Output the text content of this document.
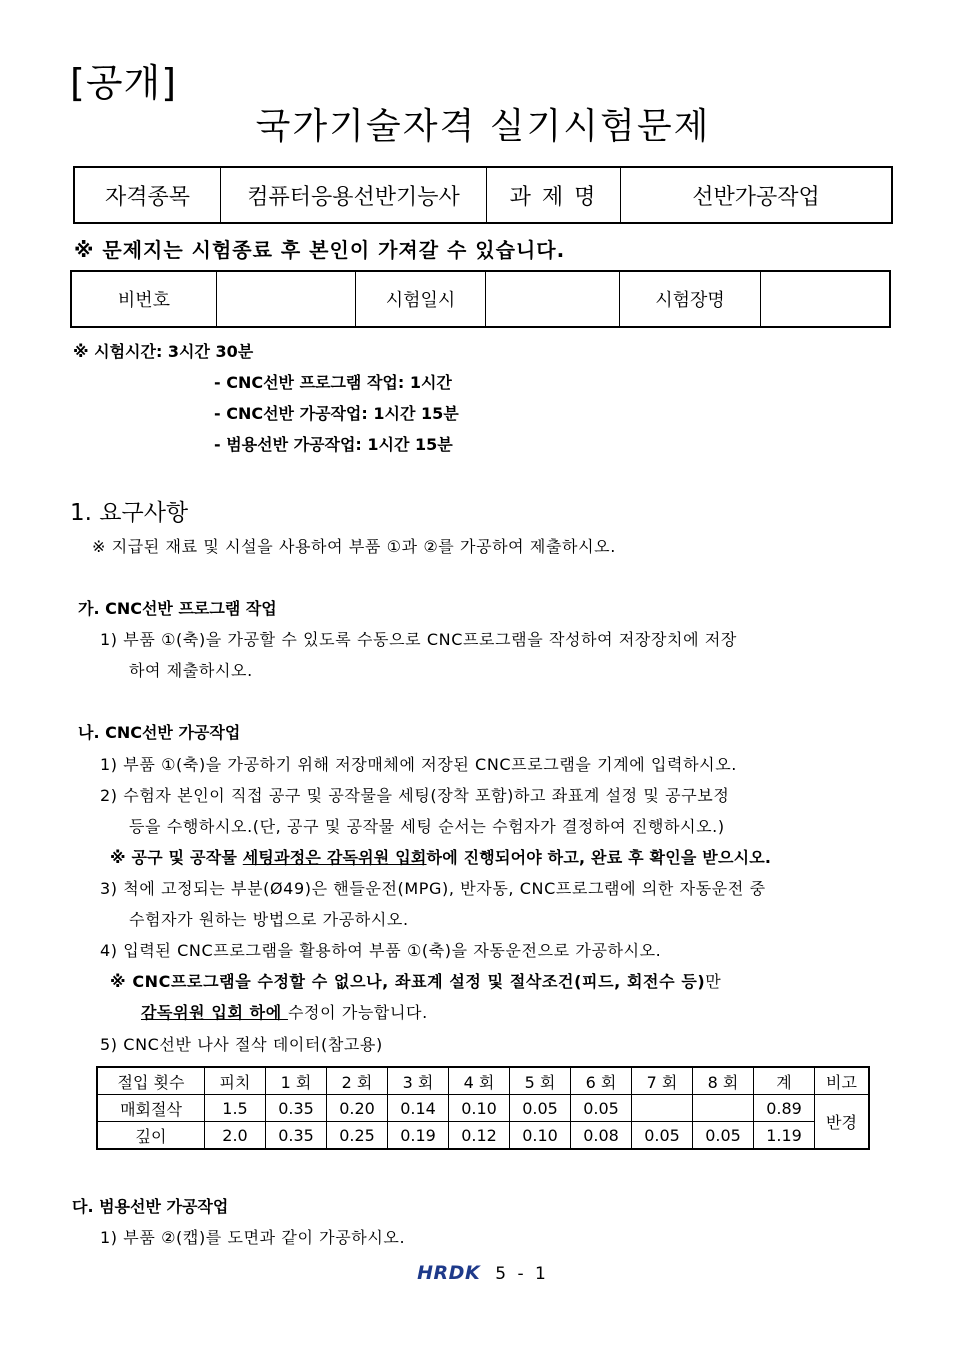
[공개]
국가기술자격 실기시험문제
자격종목	컴퓨터응용선반기능사	과 제 명	선반가공작업
※ 문제지는 시험종료 후 본인이 가져갈 수 있습니다.
비번호		시험일시		시험장명	
※ 시험시간: 3시간 30분
- CNC선반 프로그램 작업: 1시간
- CNC선반 가공작업: 1시간 15분
- 범용선반 가공작업: 1시간 15분
1. 요구사항
※ 지급된 재료 및 시설을 사용하여 부품 ①과 ②를 가공하여 제출하시오.
가. CNC선반 프로그램 작업
1) 부품 ①(축)을 가공할 수 있도록 수동으로 CNC프로그램을 작성하여 저장장치에 저장
하여 제출하시오.
나. CNC선반 가공작업
1) 부품 ①(축)을 가공하기 위해 저장매체에 저장된 CNC프로그램을 기계에 입력하시오.
2) 수험자 본인이 직접 공구 및 공작물을 세팅(장착 포함)하고 좌표계 설정 및 공구보정
등을 수행하시오.(단, 공구 및 공작물 세팅 순서는 수험자가 결정하여 진행하시오.)
※ 공구 및 공작물 세팅과정은 감독위원 입회하에 진행되어야 하고, 완료 후 확인을 받으시오.
3) 척에 고정되는 부분(Ø49)은 핸들운전(MPG), 반자동, CNC프로그램에 의한 자동운전 중
수험자가 원하는 방법으로 가공하시오.
4) 입력된 CNC프로그램을 활용하여 부품 ①(축)을 자동운전으로 가공하시오.
※ CNC프로그램을 수정할 수 없으나, 좌표계 설정 및 절삭조건(피드, 회전수 등)만
감독위원 입회 하에 수정이 가능합니다.
5) CNC선반 나사 절삭 데이터(참고용)
절입 횟수	피치	1 회	2 회	3 회	4 회	5 회	6 회	7 회	8 회	계	비고
매회절삭	1.5	0.35	0.20	0.14	0.10	0.05	0.05			0.89	반경
깊이	2.0	0.35	0.25	0.19	0.12	0.10	0.08	0.05	0.05	1.19	
다. 범용선반 가공작업
1) 부품 ②(캡)를 도면과 같이 가공하시오.
HRDK 5 - 1
